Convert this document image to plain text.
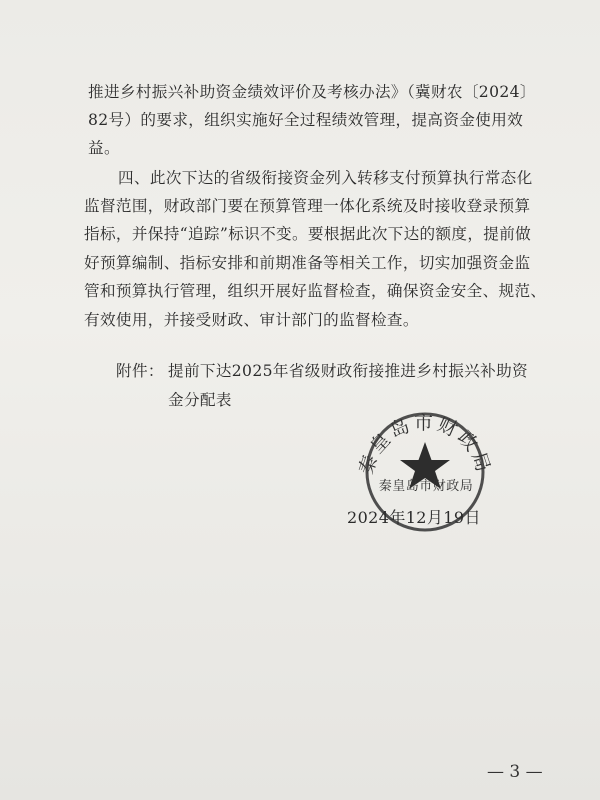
推进乡村振兴补助资金绩效评价及考核办法》（冀财农〔2024〕
82号）的要求，组织实施好全过程绩效管理，提高资金使用效
益。
四、此次下达的省级衔接资金列入转移支付预算执行常态化
监督范围，财政部门要在预算管理一体化系统及时接收登录预算
指标，并保持“追踪”标识不变。要根据此次下达的额度，提前做
好预算编制、指标安排和前期准备等相关工作，切实加强资金监
管和预算执行管理，组织开展好监督检查，确保资金安全、规范、
有效使用，并接受财政、审计部门的监督检查。
附件： 提前下达2025年省级财政衔接推进乡村振兴补助资
金分配表
秦皇岛市财政局
秦皇岛市财政局
2024年12月19日
— 3 —
